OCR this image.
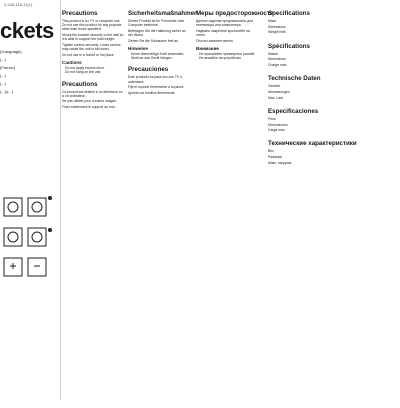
3-246-118-11(1)
ckets
(/Language)
(...)
(French)
(...)
(...)
(...)/(...)
Precautions

This product is for TV or computer use. Do not use this product for any purpose other than those specified.

Mount the bracket securely to the wall so it is able to support the total weight.

Tighten screws securely. Loose screws may cause the unit to fall down.

Do not use in a humid or hot place.

Cautions
Do not apply excess force.
Do not hang on the unit.
Precautions

Ce produit est destiné à un téléviseur ou à un ordinateur.

Ne pas utiliser pour d'autres usages.

Fixez solidement le support au mur.

Sicherheitsmaßnahmen

Dieses Produkt ist für Fernseher oder Computer bestimmt.

Befestigen Sie die Halterung sicher an der Wand.

Ziehen Sie die Schrauben fest an.

Hinweise
Keine übermäßige Kraft anwenden.
Nicht an das Gerät hängen.
Precauciones

Este producto es para uso con TV u ordenador.

Fije el soporte firmemente a la pared.

Apriete los tornillos firmemente.

Меры предосторожности

Данное изделие предназначено для телевизора или компьютера.

Надёжно закрепите кронштейн на стене.

Плотно затяните винты.

Внимание
Не прилагайте чрезмерных усилий.
Не вешайте на устройство.
Specifications

Mass

Dimensions

Weight limit

Spécifications

Masse

Dimensions

Charge max.

Technische Daten

Gewicht

Abmessungen

Max. Last

Especificaciones

Peso

Dimensiones

Carga máx.

Технические характеристики

Вес

Размеры

Макс. нагрузка
